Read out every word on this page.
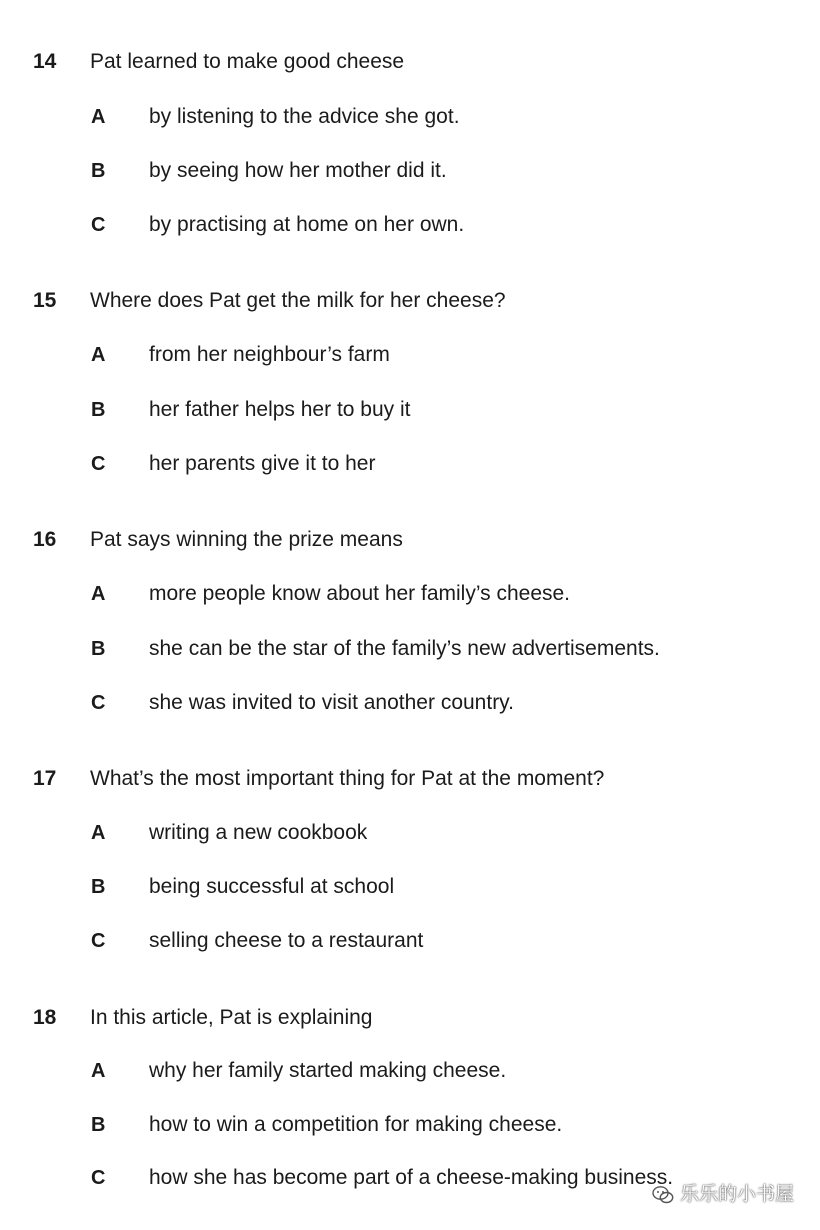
14 Pat learned to make good cheese
A by listening to the advice she got.
B by seeing how her mother did it.
C by practising at home on her own.
15 Where does Pat get the milk for her cheese?
A from her neighbour’s farm
B her father helps her to buy it
C her parents give it to her
16 Pat says winning the prize means
A more people know about her family’s cheese.
B she can be the star of the family’s new advertisements.
C she was invited to visit another country.
17 What’s the most important thing for Pat at the moment?
A writing a new cookbook
B being successful at school
C selling cheese to a restaurant
18 In this article, Pat is explaining
A why her family started making cheese.
B how to win a competition for making cheese.
C how she has become part of a cheese-making business.
乐乐的小书屋
